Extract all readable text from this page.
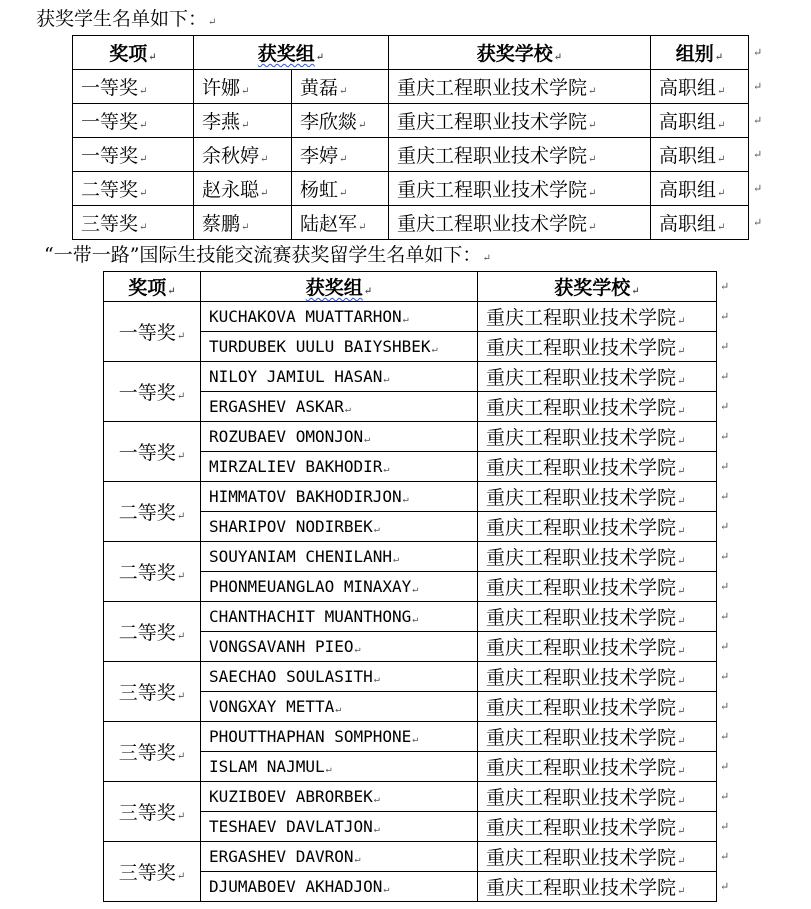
获奖学生名单如下：↵
奖项↵	获奖组↵		获奖学校↵	组别↵
一等奖↵	许娜↵	黄磊↵	重庆工程职业技术学院↵	高职组↵
一等奖↵	李燕↵	李欣燚↵	重庆工程职业技术学院↵	高职组↵
一等奖↵	余秋婷↵	李婷↵	重庆工程职业技术学院↵	高职组↵
二等奖↵	赵永聪↵	杨虹↵	重庆工程职业技术学院↵	高职组↵
三等奖↵	蔡鹏↵	陆赵军↵	重庆工程职业技术学院↵	高职组↵
“一带一路”国际生技能交流赛获奖留学生名单如下：↵
奖项↵	获奖组↵	获奖学校↵
一等奖↵	KUCHAKOVA MUATTARHON↵	重庆工程职业技术学院↵
	TURDUBEK UULU BAIYSHBEK↵	重庆工程职业技术学院↵
一等奖↵	NILOY JAMIUL HASAN↵	重庆工程职业技术学院↵
	ERGASHEV ASKAR↵	重庆工程职业技术学院↵
一等奖↵	ROZUBAEV OMONJON↵	重庆工程职业技术学院↵
	MIRZALIEV BAKHODIR↵	重庆工程职业技术学院↵
二等奖↵	HIMMATOV BAKHODIRJON↵	重庆工程职业技术学院↵
	SHARIPOV NODIRBEK↵	重庆工程职业技术学院↵
二等奖↵	SOUYANIAM CHENILANH↵	重庆工程职业技术学院↵
	PHONMEUANGLAO MINAXAY↵	重庆工程职业技术学院↵
二等奖↵	CHANTHACHIT MUANTHONG↵	重庆工程职业技术学院↵
	VONGSAVANH PIEO↵	重庆工程职业技术学院↵
三等奖↵	SAECHAO SOULASITH↵	重庆工程职业技术学院↵
	VONGXAY METTA↵	重庆工程职业技术学院↵
三等奖↵	PHOUTTHAPHAN SOMPHONE↵	重庆工程职业技术学院↵
	ISLAM NAJMUL↵	重庆工程职业技术学院↵
三等奖↵	KUZIBOEV ABRORBEK↵	重庆工程职业技术学院↵
	TESHAEV DAVLATJON↵	重庆工程职业技术学院↵
三等奖↵	ERGASHEV DAVRON↵	重庆工程职业技术学院↵
	DJUMABOEV AKHADJON↵	重庆工程职业技术学院↵
↵
↵
↵
↵
↵
↵
↵
↵
↵
↵
↵
↵
↵
↵
↵
↵
↵
↵
↵
↵
↵
↵
↵
↵
↵
↵
↵
